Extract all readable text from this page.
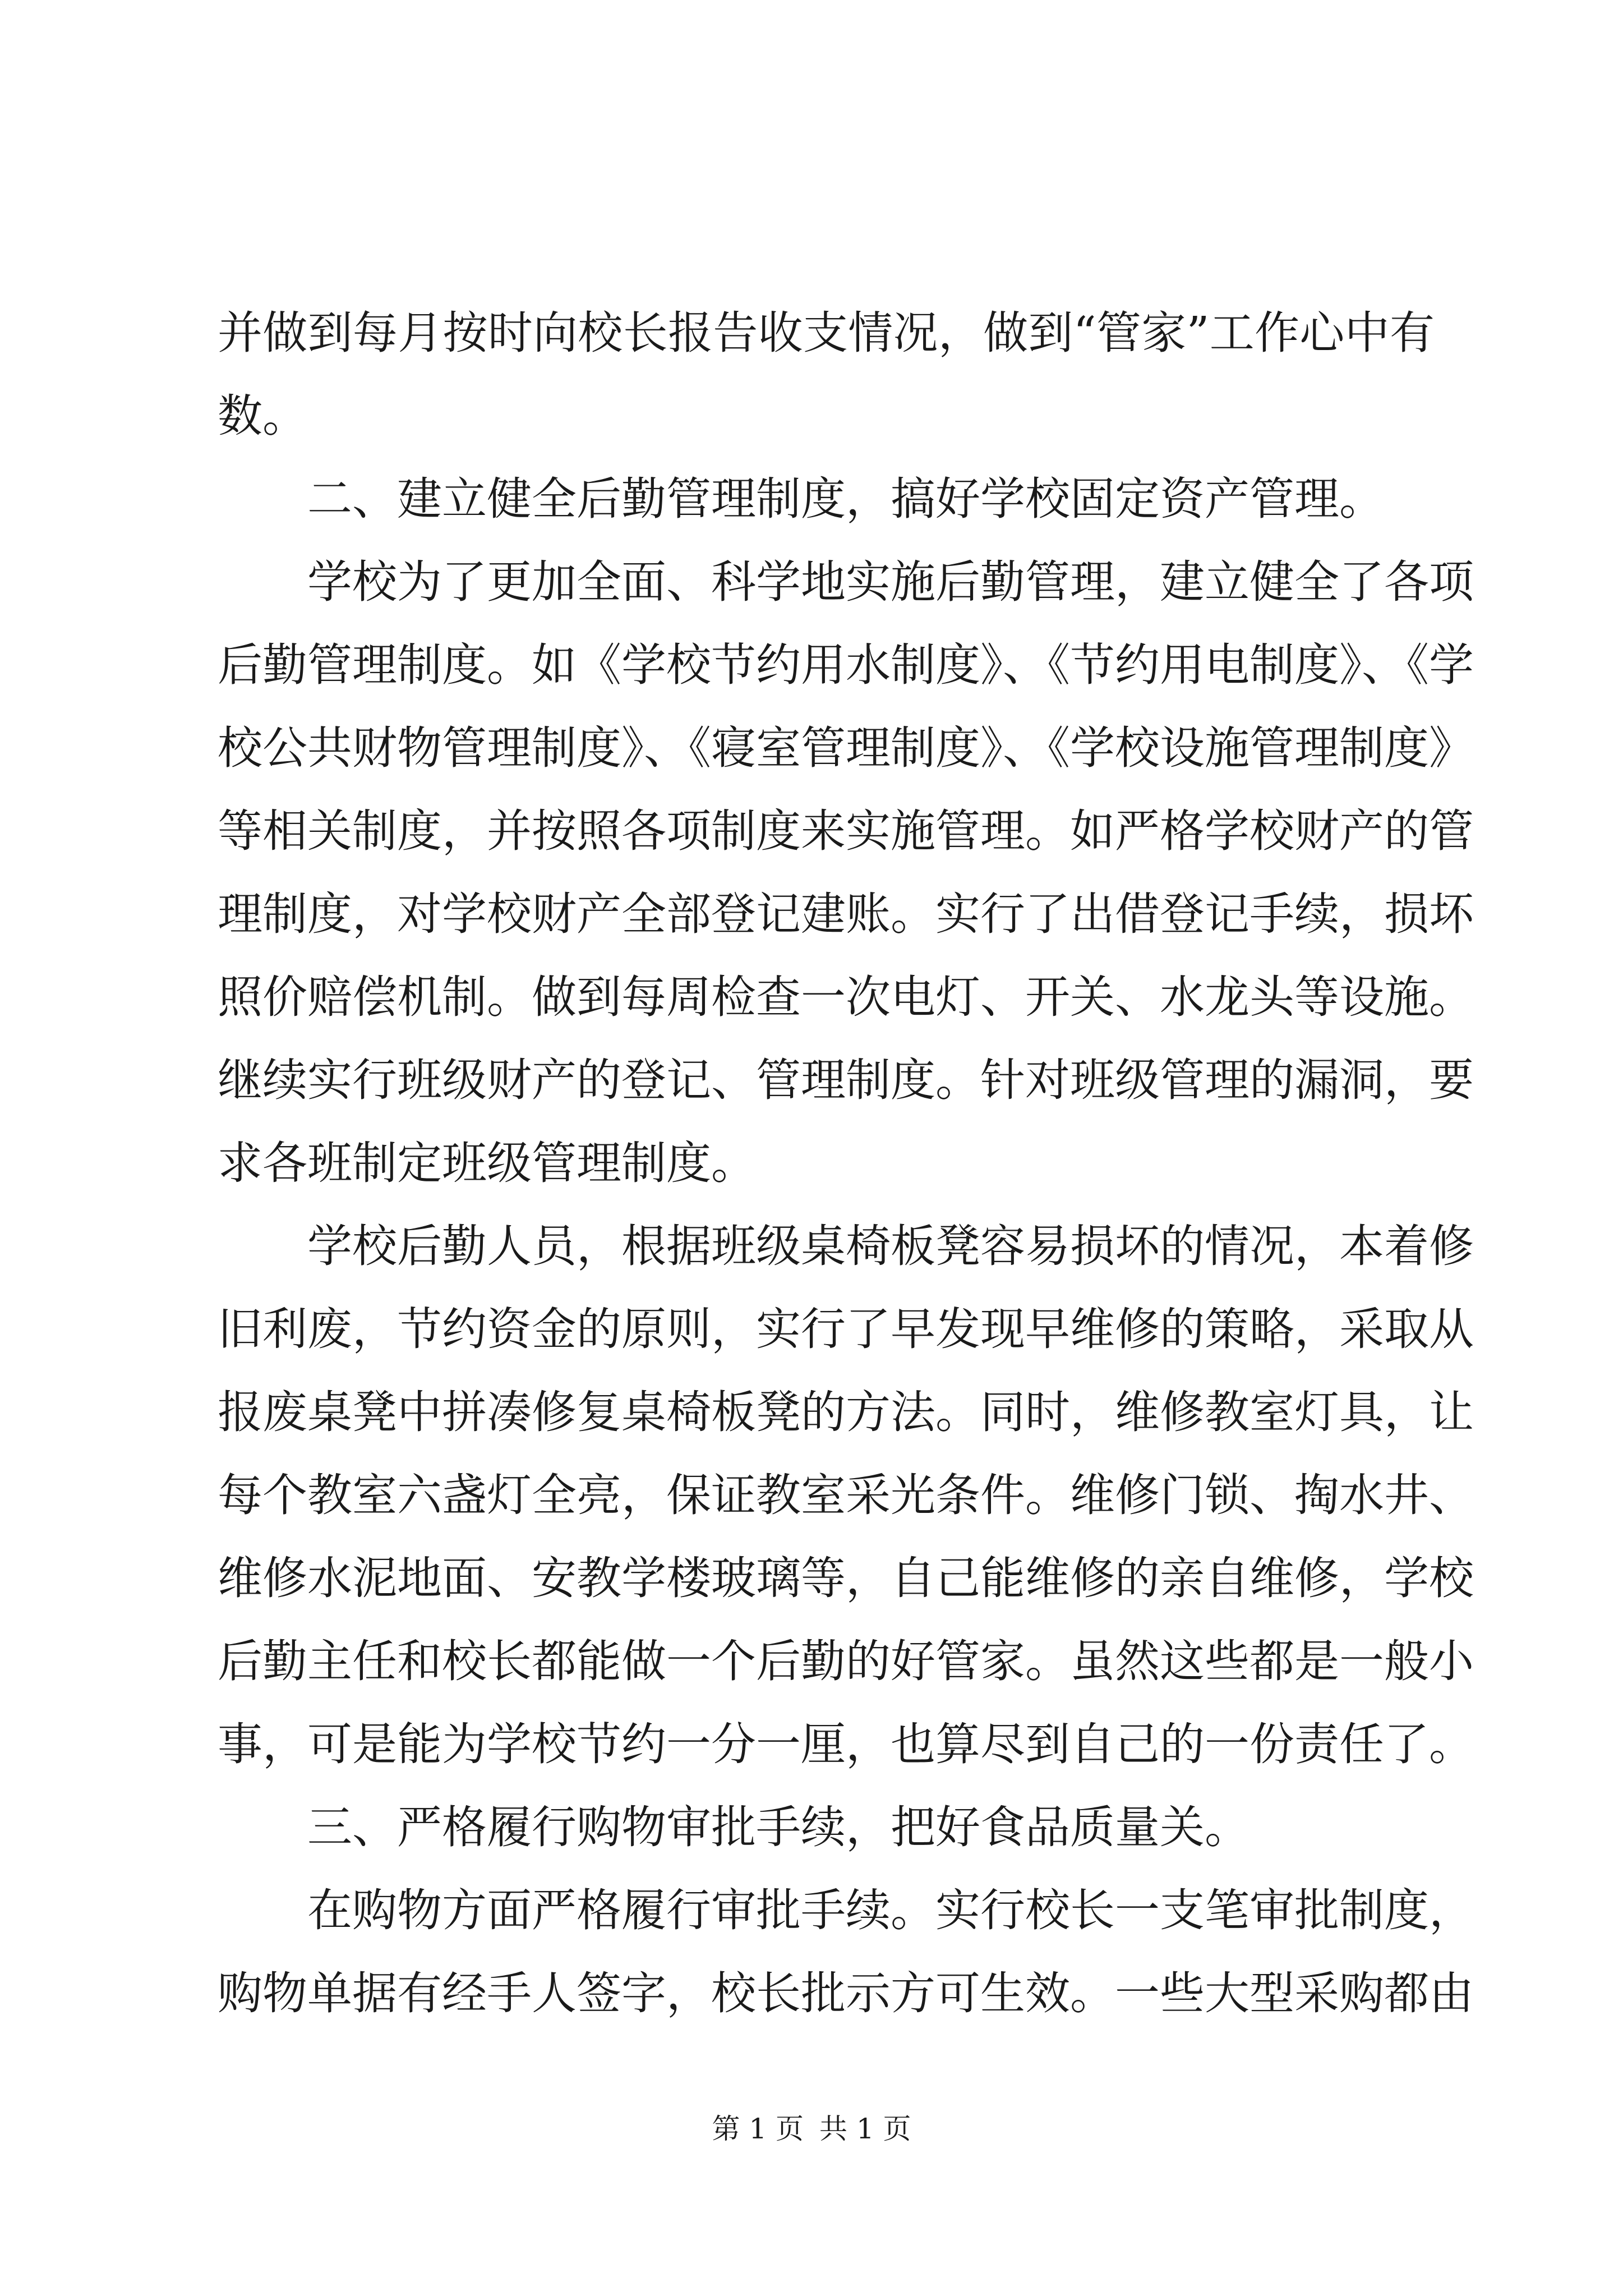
并做到每月按时向校长报告收支情况，做到“管家”工作心中有
数。
二、建立健全后勤管理制度，搞好学校固定资产管理。
学校为了更加全面、科学地实施后勤管理，建立健全了各项
后勤管理制度。如《学校节约用水制度》、《节约用电制度》、《学
校公共财物管理制度》、《寝室管理制度》、《学校设施管理制度》
等相关制度，并按照各项制度来实施管理。如严格学校财产的管
理制度，对学校财产全部登记建账。实行了出借登记手续，损坏
照价赔偿机制。做到每周检查一次电灯、开关、水龙头等设施。
继续实行班级财产的登记、管理制度。针对班级管理的漏洞，要
求各班制定班级管理制度。
学校后勤人员，根据班级桌椅板凳容易损坏的情况，本着修
旧利废，节约资金的原则，实行了早发现早维修的策略，采取从
报废桌凳中拼凑修复桌椅板凳的方法。同时，维修教室灯具，让
每个教室六盏灯全亮，保证教室采光条件。维修门锁、掏水井、
维修水泥地面、安教学楼玻璃等，自己能维修的亲自维修，学校
后勤主任和校长都能做一个后勤的好管家。虽然这些都是一般小
事，可是能为学校节约一分一厘，也算尽到自己的一份责任了。
三、严格履行购物审批手续，把好食品质量关。
在购物方面严格履行审批手续。实行校长一支笔审批制度，
购物单据有经手人签字，校长批示方可生效。一些大型采购都由
第 1 页 共 1 页
